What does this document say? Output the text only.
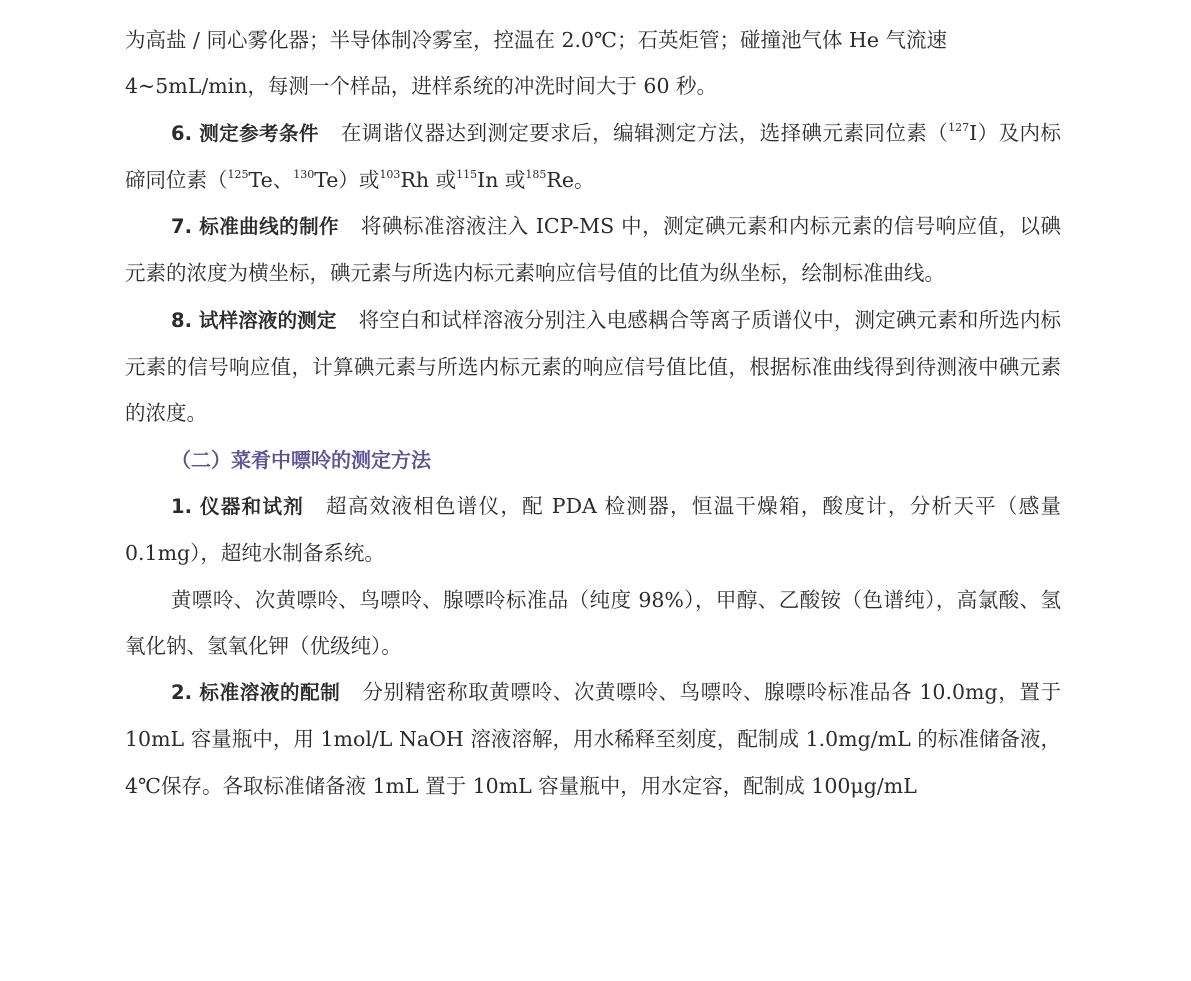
为高盐 / 同心雾化器；半导体制冷雾室，控温在 2.0℃；石英炬管；碰撞池气体 He 气流速
4~5mL/min，每测一个样品，进样系统的冲洗时间大于 60 秒。

6. 测定参考条件 在调谐仪器达到测定要求后，编辑测定方法，选择碘元素同位素（$^{127}$I）及内标碲同位素（$^{125}$Te、$^{130}$Te）或$^{103}$Rh 或$^{115}$In 或$^{185}$Re。

7. 标准曲线的制作 将碘标准溶液注入 ICP-MS 中，测定碘元素和内标元素的信号响应值，以碘元素的浓度为横坐标，碘元素与所选内标元素响应信号值的比值为纵坐标，绘制标准曲线。

8. 试样溶液的测定 将空白和试样溶液分别注入电感耦合等离子质谱仪中，测定碘元素和所选内标元素的信号响应值，计算碘元素与所选内标元素的响应信号值比值，根据标准曲线得到待测液中碘元素的浓度。

（二）菜肴中嘌呤的测定方法

1. 仪器和试剂 超高效液相色谱仪，配 PDA 检测器，恒温干燥箱，酸度计，分析天平（感量 0.1mg），超纯水制备系统。

黄嘌呤、次黄嘌呤、鸟嘌呤、腺嘌呤标准品（纯度 98%），甲醇、乙酸铵（色谱纯），高氯酸、氢氧化钠、氢氧化钾（优级纯）。

2. 标准溶液的配制 分别精密称取黄嘌呤、次黄嘌呤、鸟嘌呤、腺嘌呤标准品各 10.0mg，置于 10mL 容量瓶中，用 1mol/L NaOH 溶液溶解，用水稀释至刻度，配制成 1.0mg/mL 的标准储备液，4℃保存。各取标准储备液 1mL 置于 10mL 容量瓶中，用水定容，配制成 100μg/mL
